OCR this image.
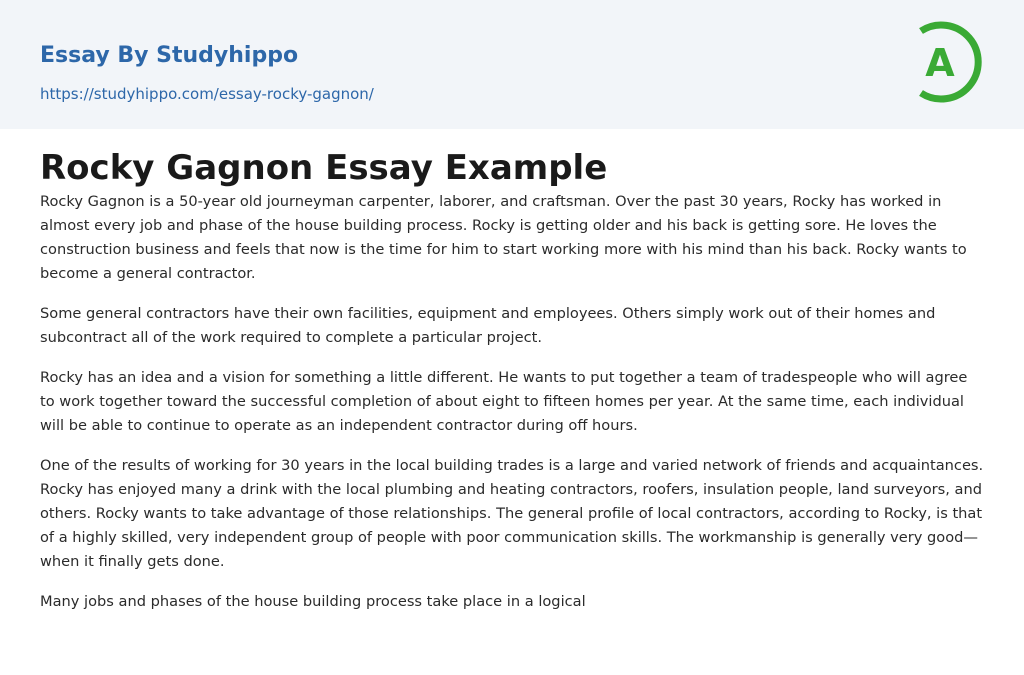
Essay By Studyhippo
https://studyhippo.com/essay-rocky-gagnon/
A
Rocky Gagnon Essay Example

Rocky Gagnon is a 50-year old journeyman carpenter, laborer, and craftsman. Over the past 30 years, Rocky has worked in almost every job and phase of the house building process. Rocky is getting older and his back is getting sore. He loves the construction business and feels that now is the time for him to start working more with his mind than his back. Rocky wants to become a general contractor.

Some general contractors have their own facilities, equipment and employees. Others simply work out of their homes and subcontract all of the work required to complete a particular project.

Rocky has an idea and a vision for something a little different. He wants to put together a team of tradespeople who will agree to work together toward the successful completion of about eight to fifteen homes per year. At the same time, each individual will be able to continue to operate as an independent contractor during off hours.

One of the results of working for 30 years in the local building trades is a large and varied network of friends and acquaintances. Rocky has enjoyed many a drink with the local plumbing and heating contractors, roofers, insulation people, land surveyors, and others. Rocky wants to take advantage of those relationships. The general profile of local contractors, according to Rocky, is that of a highly skilled, very independent group of people with poor communication skills. The workmanship is generally very good—when it finally gets done.

Many jobs and phases of the house building process take place in a logical
